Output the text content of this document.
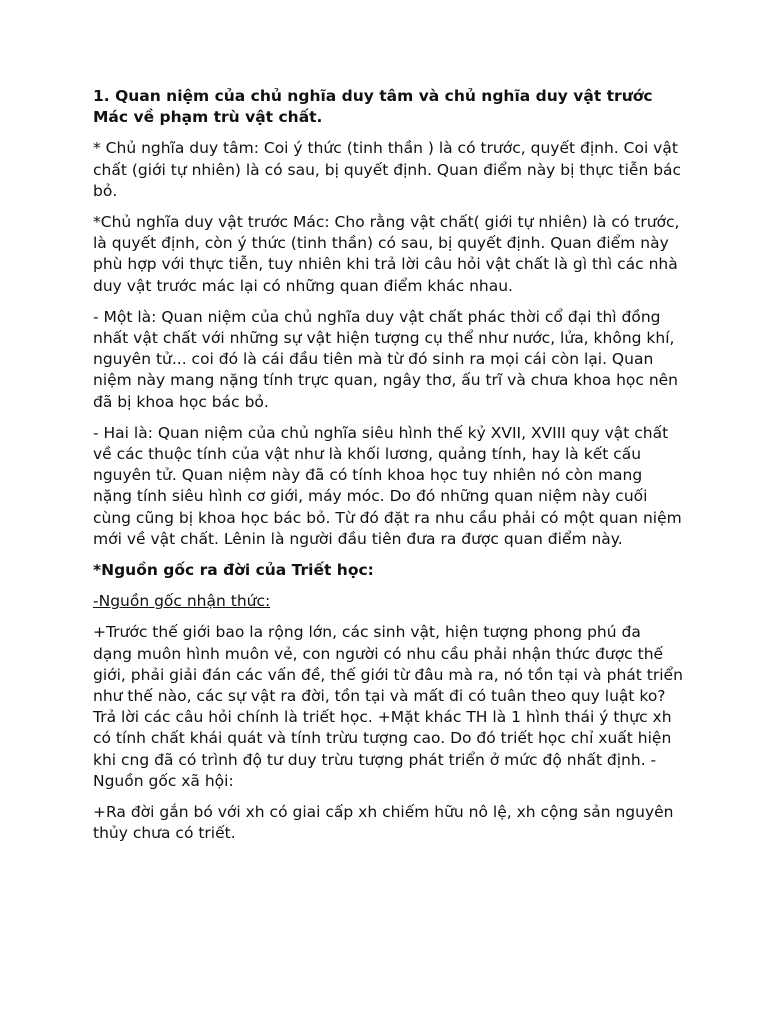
1. Quan niệm của chủ nghĩa duy tâm và chủ nghĩa duy vật trước Mác về phạm trù vật chất.

* Chủ nghĩa duy tâm: Coi ý thức (tinh thần ) là có trước, quyết định. Coi vật chất (giới tự nhiên) là có sau, bị quyết định. Quan điểm này bị thực tiễn bác bỏ.

*Chủ nghĩa duy vật trước Mác: Cho rằng vật chất( giới tự nhiên) là có trước, là quyết định, còn ý thức (tinh thần) có sau, bị quyết định. Quan điểm này phù hợp với thực tiễn, tuy nhiên khi trả lời câu hỏi vật chất là gì thì các nhà duy vật trước mác lại có những quan điểm khác nhau.

- Một là: Quan niệm của chủ nghĩa duy vật chất phác thời cổ đại thì đồng nhất vật chất với những sự vật hiện tượng cụ thể như nước, lửa, không khí, nguyên tử... coi đó là cái đầu tiên mà từ đó sinh ra mọi cái còn lại. Quan niệm này mang nặng tính trực quan, ngây thơ, ấu trĩ và chưa khoa học nên đã bị khoa học bác bỏ.

- Hai là: Quan niệm của chủ nghĩa siêu hình thế kỷ XVII, XVIII quy vật chất về các thuộc tính của vật như là khối lương, quảng tính, hay là kết cấu nguyên tử. Quan niệm này đã có tính khoa học tuy nhiên nó còn mang nặng tính siêu hình cơ giới, máy móc. Do đó những quan niệm này cuối cùng cũng bị khoa học bác bỏ. Từ đó đặt ra nhu cầu phải có một quan niệm mới về vật chất. Lênin là người đầu tiên đưa ra được quan điểm này.

*Nguồn gốc ra đời của Triết học:

-Nguồn gốc nhận thức:

+Trước thế giới bao la rộng lớn, các sinh vật, hiện tượng phong phú đa dạng muôn hình muôn vẻ, con người có nhu cầu phải nhận thức được thế giới, phải giải đán các vấn đề, thế giới từ đâu mà ra, nó tồn tại và phát triển như thế nào, các sự vật ra đời, tồn tại và mất đi có tuân theo quy luật ko? Trả lời các câu hỏi chính là triết học. +Mặt khác TH là 1 hình thái ý thực xh có tính chất khái quát và tính trừu tượng cao. Do đó triết học chỉ xuất hiện khi cng đã có trình độ tư duy trừu tượng phát triển ở mức độ nhất định. -Nguồn gốc xã hội:

+Ra đời gắn bó với xh có giai cấp xh chiếm hữu nô lệ, xh cộng sản nguyên thủy chưa có triết.
